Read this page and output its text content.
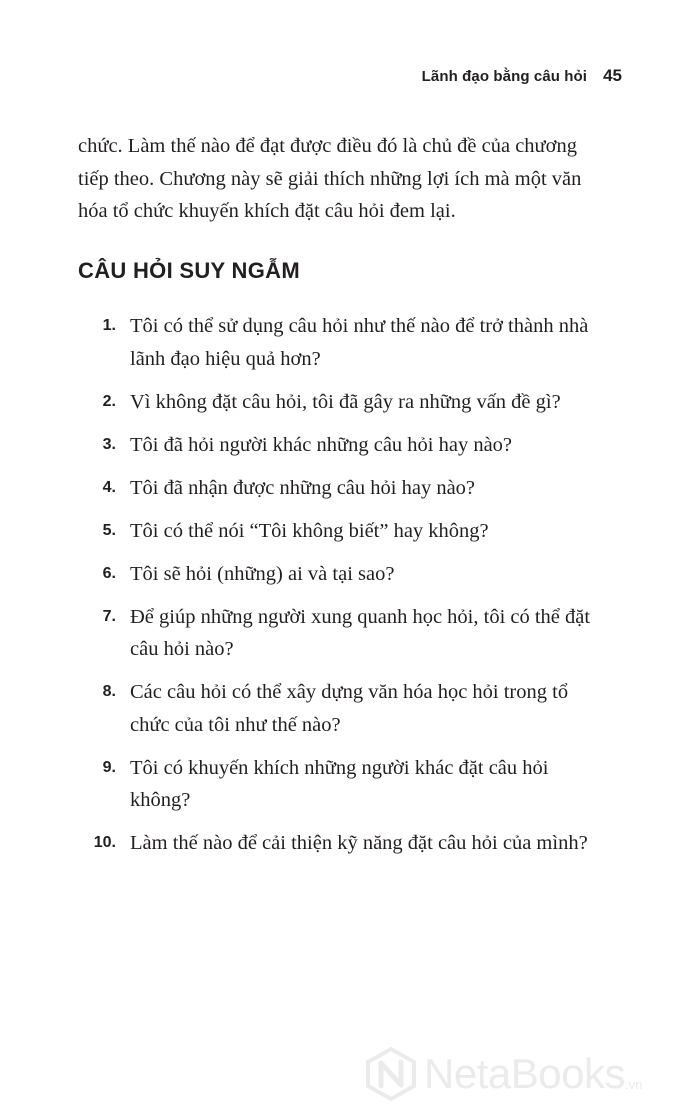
Lãnh đạo bằng câu hỏi 45

chức. Làm thế nào để đạt được điều đó là chủ đề của chương
tiếp theo. Chương này sẽ giải thích những lợi ích mà một văn
hóa tổ chức khuyến khích đặt câu hỏi đem lại.

CÂU HỎI SUY NGẪM
1. Tôi có thể sử dụng câu hỏi như thế nào để trở thành nhà
lãnh đạo hiệu quả hơn?
2. Vì không đặt câu hỏi, tôi đã gây ra những vấn đề gì?
3. Tôi đã hỏi người khác những câu hỏi hay nào?
4. Tôi đã nhận được những câu hỏi hay nào?
5. Tôi có thể nói “Tôi không biết” hay không?
6. Tôi sẽ hỏi (những) ai và tại sao?
7. Để giúp những người xung quanh học hỏi, tôi có thể đặt
câu hỏi nào?
8. Các câu hỏi có thể xây dựng văn hóa học hỏi trong tổ
chức của tôi như thế nào?
9. Tôi có khuyến khích những người khác đặt câu hỏi
không?
10. Làm thế nào để cải thiện kỹ năng đặt câu hỏi của mình?
NetaBooks .vn
